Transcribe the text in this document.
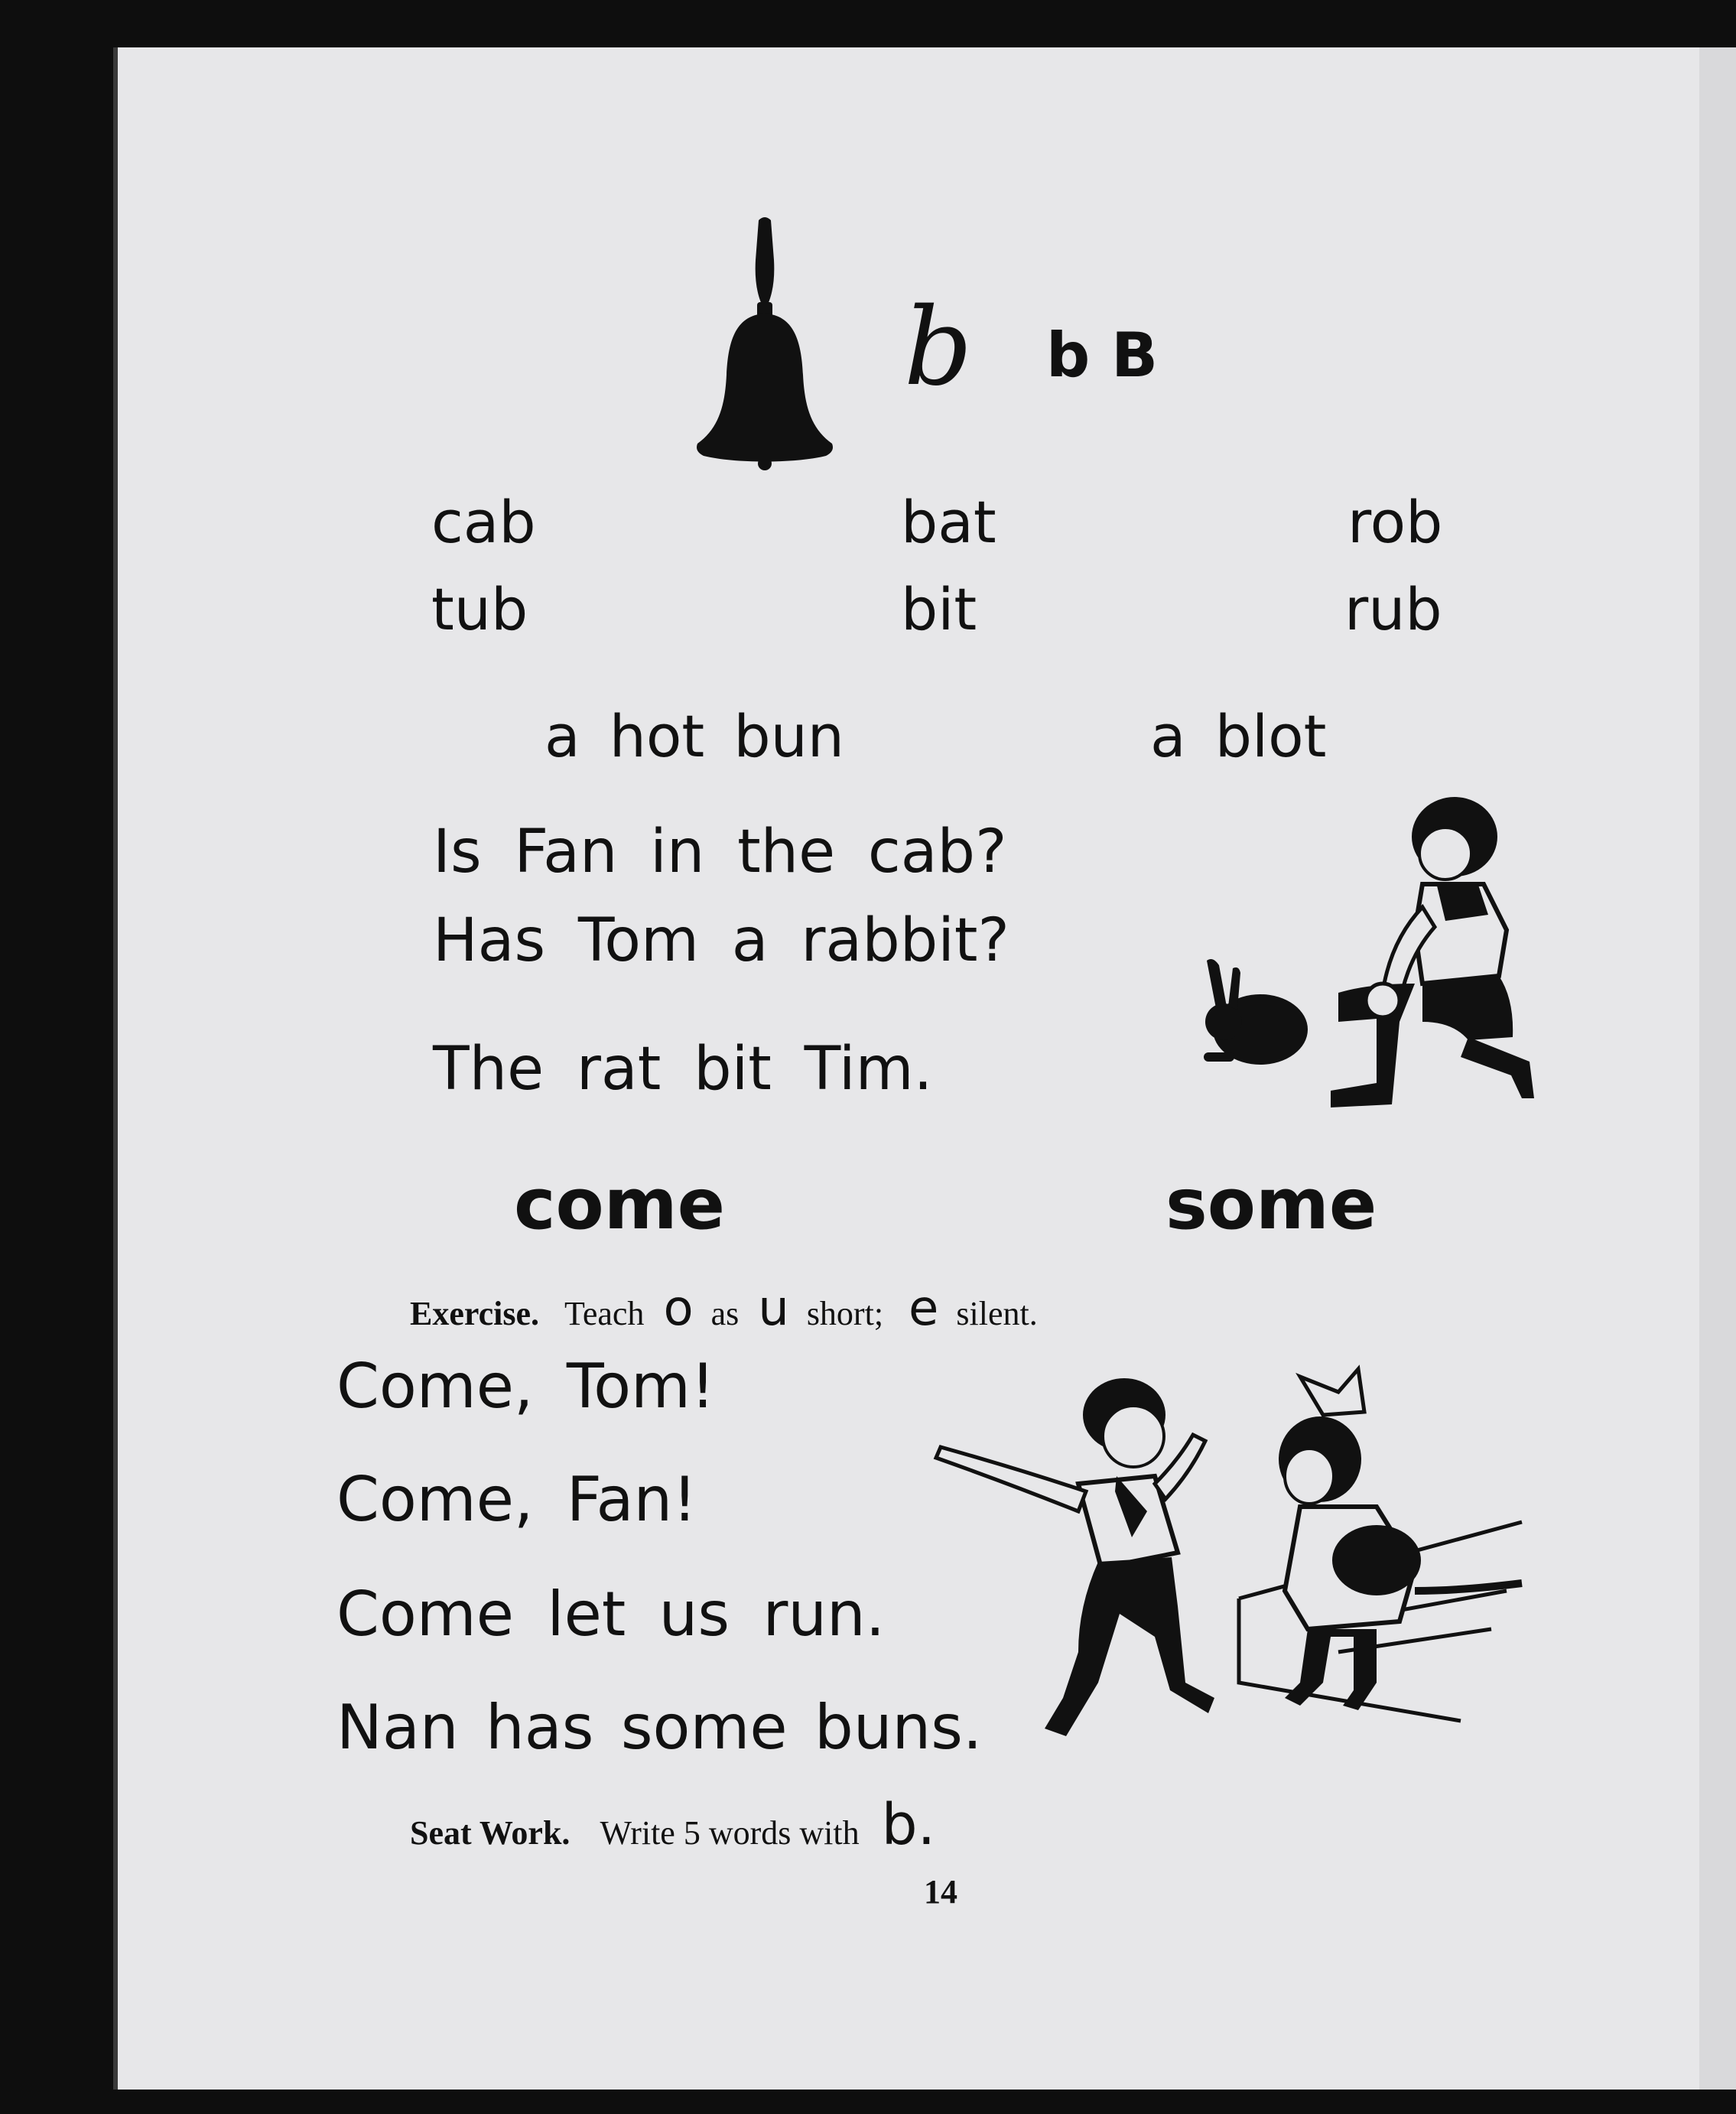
b b B
cab	bat	rob
tub	bit	rub
a hot bun	a blot
Is Fan in the cab?
Has Tom a rabbit?
The rat bit Tim.
come	some
Exercise. Teach o as u short; e silent.
Come, Tom!
Come, Fan!
Come let us run.
Nan has some buns.
Seat Work. Write 5 words with b.
14
